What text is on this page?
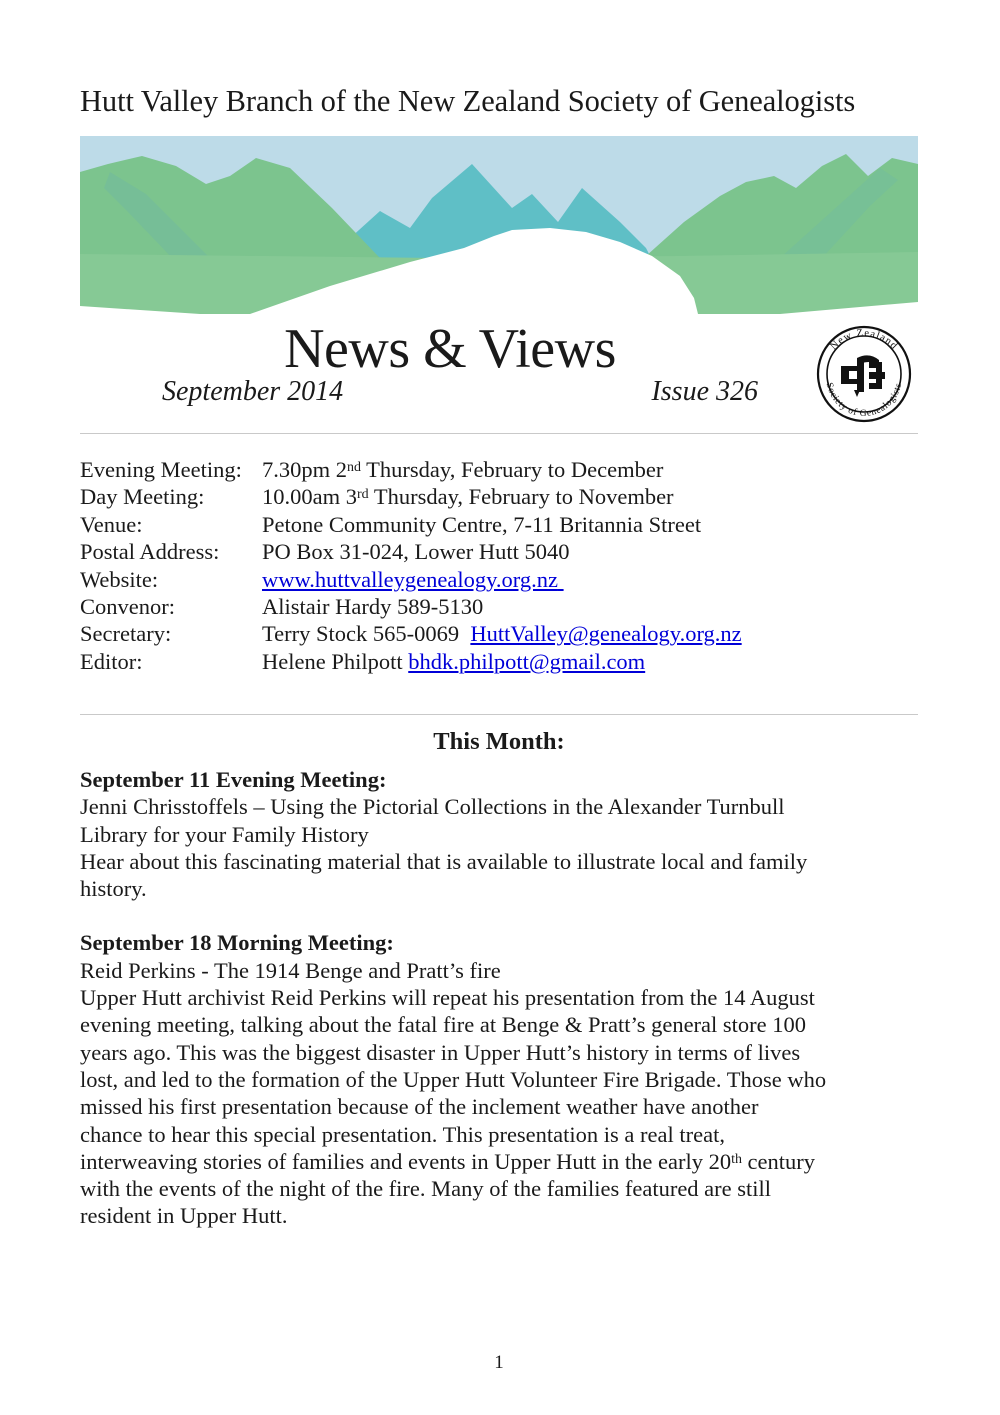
Hutt Valley Branch of the New Zealand Society of Genealogists
News & Views
September 2014	Issue 326
New Zealand
Society of Genealogists
Evening Meeting: 7.30pm 2nd Thursday, February to December
Day Meeting:	10.00am 3rd Thursday, February to November
Venue:	Petone Community Centre, 7-11 Britannia Street
Postal Address: PO Box 31-024, Lower Hutt 5040
Website:	www.huttvalleygenealogy.org.nz
Convenor:	Alistair Hardy 589-5130
Secretary:	Terry Stock 565-0069 HuttValley@genealogy.org.nz
Editor:	Helene Philpott bhdk.philpott@gmail.com
This Month:

September 11 Evening Meeting:

Jenni Chrisstoffels – Using the Pictorial Collections in the Alexander Turnbull

Library for your Family History

Hear about this fascinating material that is available to illustrate local and family

history.

September 18 Morning Meeting:

Reid Perkins - The 1914 Benge and Pratt’s fire

Upper Hutt archivist Reid Perkins will repeat his presentation from the 14 August

evening meeting, talking about the fatal fire at Benge & Pratt’s general store 100

years ago. This was the biggest disaster in Upper Hutt’s history in terms of lives

lost, and led to the formation of the Upper Hutt Volunteer Fire Brigade. Those who

missed his first presentation because of the inclement weather have another

chance to hear this special presentation. This presentation is a real treat,

interweaving stories of families and events in Upper Hutt in the early 20th century

with the events of the night of the fire. Many of the families featured are still

resident in Upper Hutt.

1
